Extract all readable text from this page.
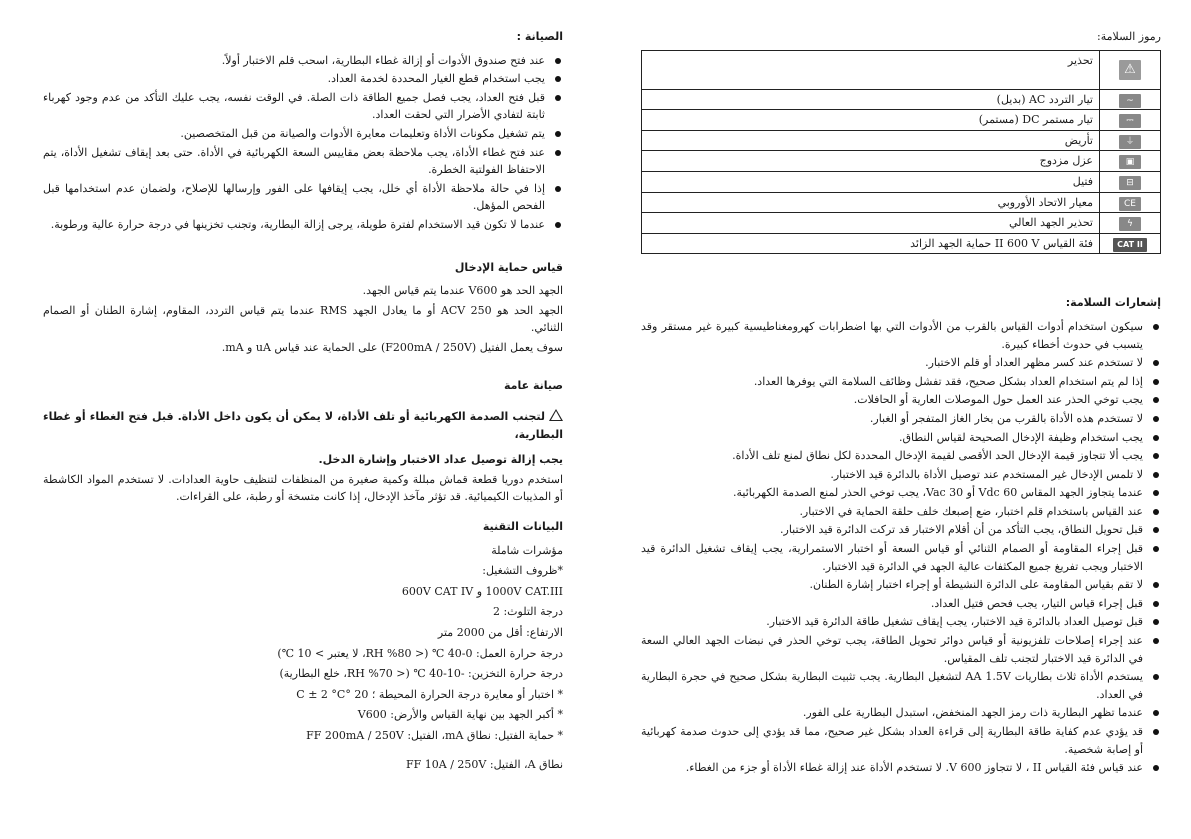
رموز السلامة:
⚠	تحذير
~	تيار التردد AC (بديل)
⎓	تيار مستمر DC (مستمر)
⏚	تأريض
▣	عزل مزدوج
⊟	فتيل
CE	معيار الاتحاد الأوروبي
ϟ	تحذير الجهد العالي
CAT II	فئة القياس II 600 V حماية الجهد الزائد
إشعارات السلامة:
سيكون استخدام أدوات القياس بالقرب من الأدوات التي بها اضطرابات كهرومغناطيسية كبيرة غير مستقر وقد يتسبب في حدوث أخطاء كبيرة.
لا تستخدم عند كسر مظهر العداد أو قلم الاختبار.
إذا لم يتم استخدام العداد بشكل صحيح، فقد تفشل وظائف السلامة التي يوفرها العداد.
يجب توخي الحذر عند العمل حول الموصلات العارية أو الحافلات.
لا تستخدم هذه الأداة بالقرب من بخار الغاز المتفجر أو الغبار.
يجب استخدام وظيفة الإدخال الصحيحة لقياس النطاق.
يجب ألا تتجاوز قيمة الإدخال الحد الأقصى لقيمة الإدخال المحددة لكل نطاق لمنع تلف الأداة.
لا تلمس الإدخال غير المستخدم عند توصيل الأداة بالدائرة قيد الاختبار.
عندما يتجاوز الجهد المقاس Vdc 60 أو Vac 30، يجب توخي الحذر لمنع الصدمة الكهربائية.
عند القياس باستخدام قلم اختبار، ضع إصبعك خلف حلقة الحماية في الاختبار.
قبل تحويل النطاق، يجب التأكد من أن أقلام الاختبار قد تركت الدائرة قيد الاختبار.
قبل إجراء المقاومة أو الصمام الثنائي أو قياس السعة أو اختبار الاستمرارية، يجب إيقاف تشغيل الدائرة قيد الاختبار ويجب تفريغ جميع المكثفات عالية الجهد في الدائرة قيد الاختبار.
لا تقم بقياس المقاومة على الدائرة النشيطة أو إجراء اختبار إشارة الطنان.
قبل إجراء قياس التيار، يجب فحص فتيل العداد.
قبل توصيل العداد بالدائرة قيد الاختبار، يجب إيقاف تشغيل طاقة الدائرة قيد الاختبار.
عند إجراء إصلاحات تلفزيونية أو قياس دوائر تحويل الطاقة، يجب توخي الحذر في نبضات الجهد العالي السعة في الدائرة قيد الاختبار لتجنب تلف المقياس.
يستخدم الأداة ثلاث بطاريات AA 1.5V لتشغيل البطارية. يجب تثبيت البطارية بشكل صحيح في حجرة البطارية في العداد.
عندما تظهر البطارية ذات رمز الجهد المنخفض، استبدل البطارية على الفور.
قد يؤدي عدم كفاية طاقة البطارية إلى قراءة العداد بشكل غير صحيح، مما قد يؤدي إلى حدوث صدمة كهربائية أو إصابة شخصية.
عند قياس فئة القياس II ، لا تتجاوز V 600. لا تستخدم الأداة عند إزالة غطاء الأداة أو جزء من الغطاء.
الصيانة :
عند فتح صندوق الأدوات أو إزالة غطاء البطارية، اسحب قلم الاختبار أولاً.
يجب استخدام قطع الغيار المحددة لخدمة العداد.
قبل فتح العداد، يجب فصل جميع الطاقة ذات الصلة. في الوقت نفسه، يجب عليك التأكد من عدم وجود كهرباء ثابتة لتفادي الأضرار التي لحقت العداد.
يتم تشغيل مكونات الأداة وتعليمات معايرة الأدوات والصيانة من قبل المتخصصين.
عند فتح غطاء الأداة، يجب ملاحظة بعض مقاييس السعة الكهربائية في الأداة. حتى بعد إيقاف تشغيل الأداة، يتم الاحتفاظ الفولتية الخطرة.
إذا في حالة ملاحظة الأداة أي خلل، يجب إيقافها على الفور وإرسالها للإصلاح، ولضمان عدم استخدامها قبل الفحص المؤهل.
عندما لا تكون قيد الاستخدام لفترة طويلة، يرجى إزالة البطارية، وتجنب تخزينها في درجة حرارة عالية ورطوبة.
قياس حماية الإدخال

الجهد الحد هو V600 عندما يتم قياس الجهد.

الجهد الحد هو ACV 250 أو ما يعادل الجهد RMS عندما يتم قياس التردد، المقاوم، إشارة الطنان أو الصمام الثنائي.

سوف يعمل الفتيل (F200mA / 250V) على الحماية عند قياس uA و mA.

صيانة عامة

لتجنب الصدمة الكهربائية أو تلف الأداة، لا يمكن أن يكون داخل الأداة. قبل فتح الغطاء أو غطاء البطارية،

يجب إزالة توصيل عداد الاختبار وإشارة الدخل.

استخدم دوريا قطعة قماش مبللة وكمية صغيرة من المنظفات لتنظيف حاوية العدادات. لا تستخدم المواد الكاشطة أو المذيبات الكيميائية. قد تؤثر مآخذ الإدخال، إذا كانت متسخة أو رطبة، على القراءات.

البيانات التقنية

مؤشرات شاملة

*ظروف التشغيل:

1000V CAT.III و 600V CAT IV

درجة التلوث: 2

الارتفاع: أقل من 2000 متر

درجة حرارة العمل: 0-40 ℃ (< 80% RH، لا يعتبر > 10 ℃)

درجة حرارة التخزين: -10-40 ℃ (< 70% RH، خلع البطارية)

* اختبار أو معايرة درجة الحرارة المحيطة ؛ 20 °C ± 2 °C

* أكبر الجهد بين نهاية القياس والأرض: V600

* حماية الفتيل: نطاق mA، الفتيل: FF 200mA / 250V

نطاق A، الفتيل: FF 10A / 250V
